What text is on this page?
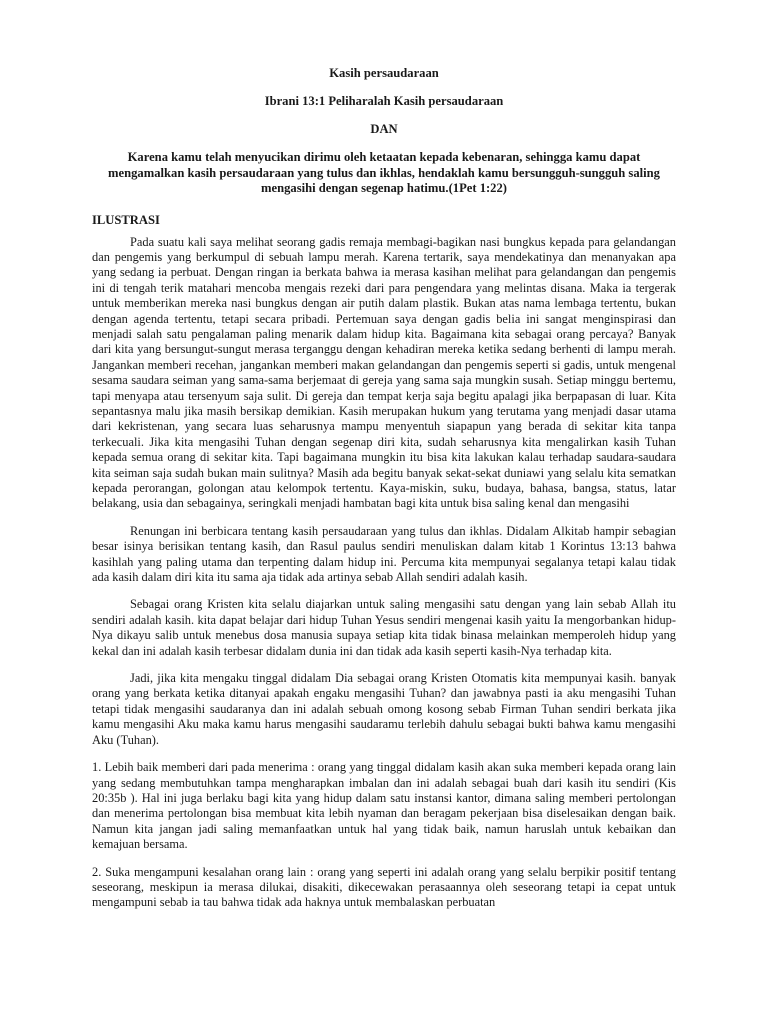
Kasih persaudaraan

Ibrani 13:1 Peliharalah Kasih persaudaraan

DAN

Karena kamu telah menyucikan dirimu oleh ketaatan kepada kebenaran, sehingga kamu dapat mengamalkan kasih persaudaraan yang tulus dan ikhlas, hendaklah kamu bersungguh-sungguh saling mengasihi dengan segenap hatimu.(1Pet 1:22)

ILUSTRASI

Pada suatu kali saya melihat seorang gadis remaja membagi-bagikan nasi bungkus kepada para gelandangan dan pengemis yang berkumpul di sebuah lampu merah. Karena tertarik, saya mendekatinya dan menanyakan apa yang sedang ia perbuat. Dengan ringan ia berkata bahwa ia merasa kasihan melihat para gelandangan dan pengemis ini di tengah terik matahari mencoba mengais rezeki dari para pengendara yang melintas disana. Maka ia tergerak untuk memberikan mereka nasi bungkus dengan air putih dalam plastik. Bukan atas nama lembaga tertentu, bukan dengan agenda tertentu, tetapi secara pribadi. Pertemuan saya dengan gadis belia ini sangat menginspirasi dan menjadi salah satu pengalaman paling menarik dalam hidup kita. Bagaimana kita sebagai orang percaya? Banyak dari kita yang bersungut-sungut merasa terganggu dengan kehadiran mereka ketika sedang berhenti di lampu merah. Jangankan memberi recehan, jangankan memberi makan gelandangan dan pengemis seperti si gadis, untuk mengenal sesama saudara seiman yang sama-sama berjemaat di gereja yang sama saja mungkin susah. Setiap minggu bertemu, tapi menyapa atau tersenyum saja sulit. Di gereja dan tempat kerja saja begitu apalagi jika berpapasan di luar. Kita sepantasnya malu jika masih bersikap demikian. Kasih merupakan hukum yang terutama yang menjadi dasar utama dari kekristenan, yang secara luas seharusnya mampu menyentuh siapapun yang berada di sekitar kita tanpa terkecuali. Jika kita mengasihi Tuhan dengan segenap diri kita, sudah seharusnya kita mengalirkan kasih Tuhan kepada semua orang di sekitar kita. Tapi bagaimana mungkin itu bisa kita lakukan kalau terhadap saudara-saudara kita seiman saja sudah bukan main sulitnya? Masih ada begitu banyak sekat-sekat duniawi yang selalu kita sematkan kepada perorangan, golongan atau kelompok tertentu. Kaya-miskin, suku, budaya, bahasa, bangsa, status, latar belakang, usia dan sebagainya, seringkali menjadi hambatan bagi kita untuk bisa saling kenal dan mengasihi

Renungan ini berbicara tentang kasih persaudaraan yang tulus dan ikhlas. Didalam Alkitab hampir sebagian besar isinya berisikan tentang kasih, dan Rasul paulus sendiri menuliskan dalam kitab 1 Korintus 13:13 bahwa kasihlah yang paling utama dan terpenting dalam hidup ini. Percuma kita mempunyai segalanya tetapi kalau tidak ada kasih dalam diri kita itu sama aja tidak ada artinya sebab Allah sendiri adalah kasih.

Sebagai orang Kristen kita selalu diajarkan untuk saling mengasihi satu dengan yang lain sebab Allah itu sendiri adalah kasih. kita dapat belajar dari hidup Tuhan Yesus sendiri mengenai kasih yaitu Ia mengorbankan hidup-Nya dikayu salib untuk menebus dosa manusia supaya setiap kita tidak binasa melainkan memperoleh hidup yang kekal dan ini adalah kasih terbesar didalam dunia ini dan tidak ada kasih seperti kasih-Nya terhadap kita.

Jadi, jika kita mengaku tinggal didalam Dia sebagai orang Kristen Otomatis kita mempunyai kasih. banyak orang yang berkata ketika ditanyai apakah engaku mengasihi Tuhan? dan jawabnya pasti ia aku mengasihi Tuhan tetapi tidak mengasihi saudaranya dan ini adalah sebuah omong kosong sebab Firman Tuhan sendiri berkata jika kamu mengasihi Aku maka kamu harus mengasihi saudaramu terlebih dahulu sebagai bukti bahwa kamu mengasihi Aku (Tuhan).

1. Lebih baik memberi dari pada menerima : orang yang tinggal didalam kasih akan suka memberi kepada orang lain yang sedang membutuhkan tampa mengharapkan imbalan dan ini adalah sebagai buah dari kasih itu sendiri (Kis 20:35b ). Hal ini juga berlaku bagi kita yang hidup dalam satu instansi kantor, dimana saling memberi pertolongan dan menerima pertolongan bisa membuat kita lebih nyaman dan beragam pekerjaan bisa diselesaikan dengan baik. Namun kita jangan jadi saling memanfaatkan untuk hal yang tidak baik, namun haruslah untuk kebaikan dan kemajuan bersama.

2. Suka mengampuni kesalahan orang lain : orang yang seperti ini adalah orang yang selalu berpikir positif tentang seseorang, meskipun ia merasa dilukai, disakiti, dikecewakan perasaannya oleh seseorang tetapi ia cepat untuk mengampuni sebab ia tau bahwa tidak ada haknya untuk membalaskan perbuatan
